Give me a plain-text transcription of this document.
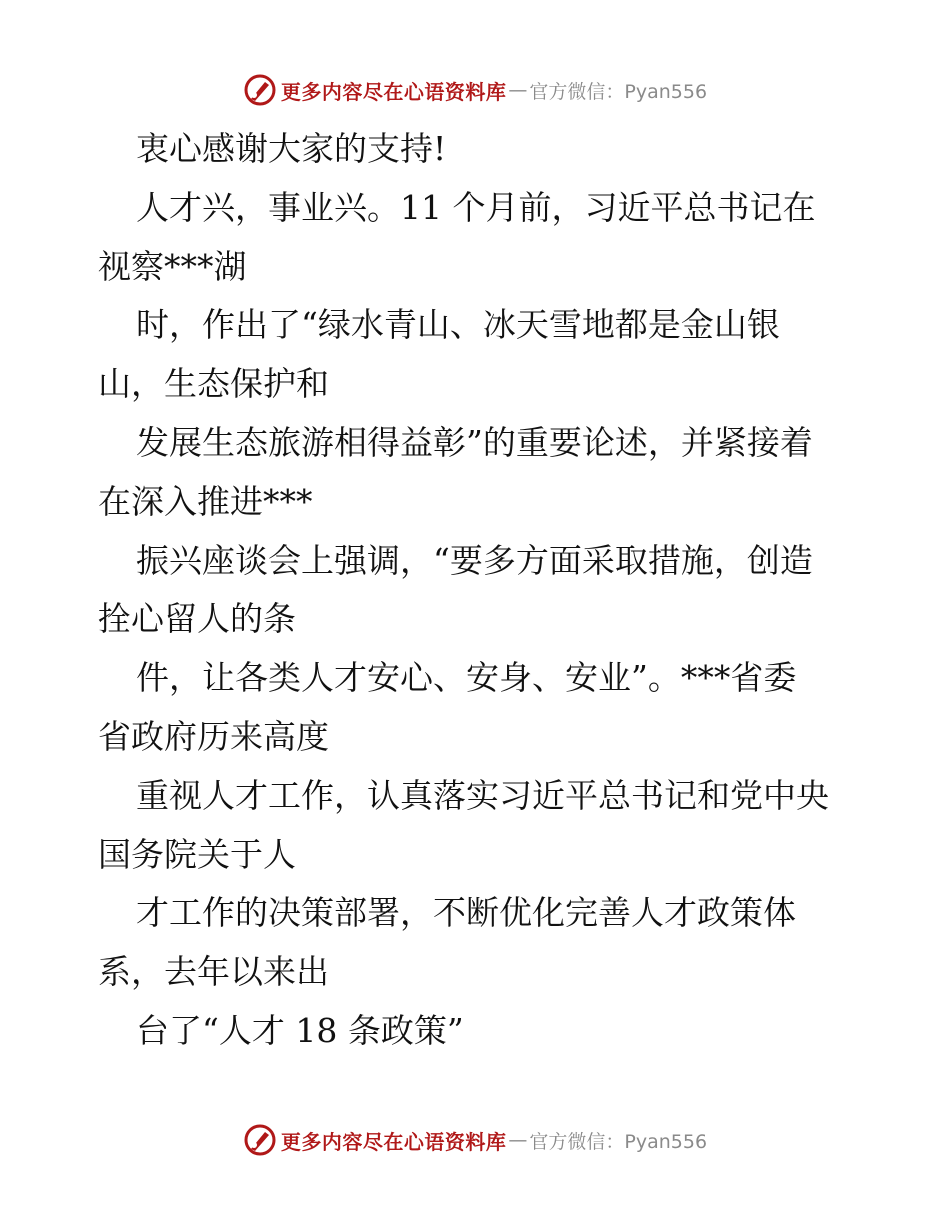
更多内容尽在心语资料库 — 官方微信：Pyan556

衷心感谢大家的支持!

人才兴，事业兴。11 个月前，习近平总书记在

视察***湖

时，作出了“绿水青山、冰天雪地都是金山银

山，生态保护和

发展生态旅游相得益彰”的重要论述，并紧接着

在深入推进***

振兴座谈会上强调，“要多方面采取措施，创造

拴心留人的条

件，让各类人才安心、安身、安业”。***省委

省政府历来高度

重视人才工作，认真落实习近平总书记和党中央

国务院关于人

才工作的决策部署，不断优化完善人才政策体

系，去年以来出

台了“人才 18 条政策”

更多内容尽在心语资料库 — 官方微信：Pyan556
